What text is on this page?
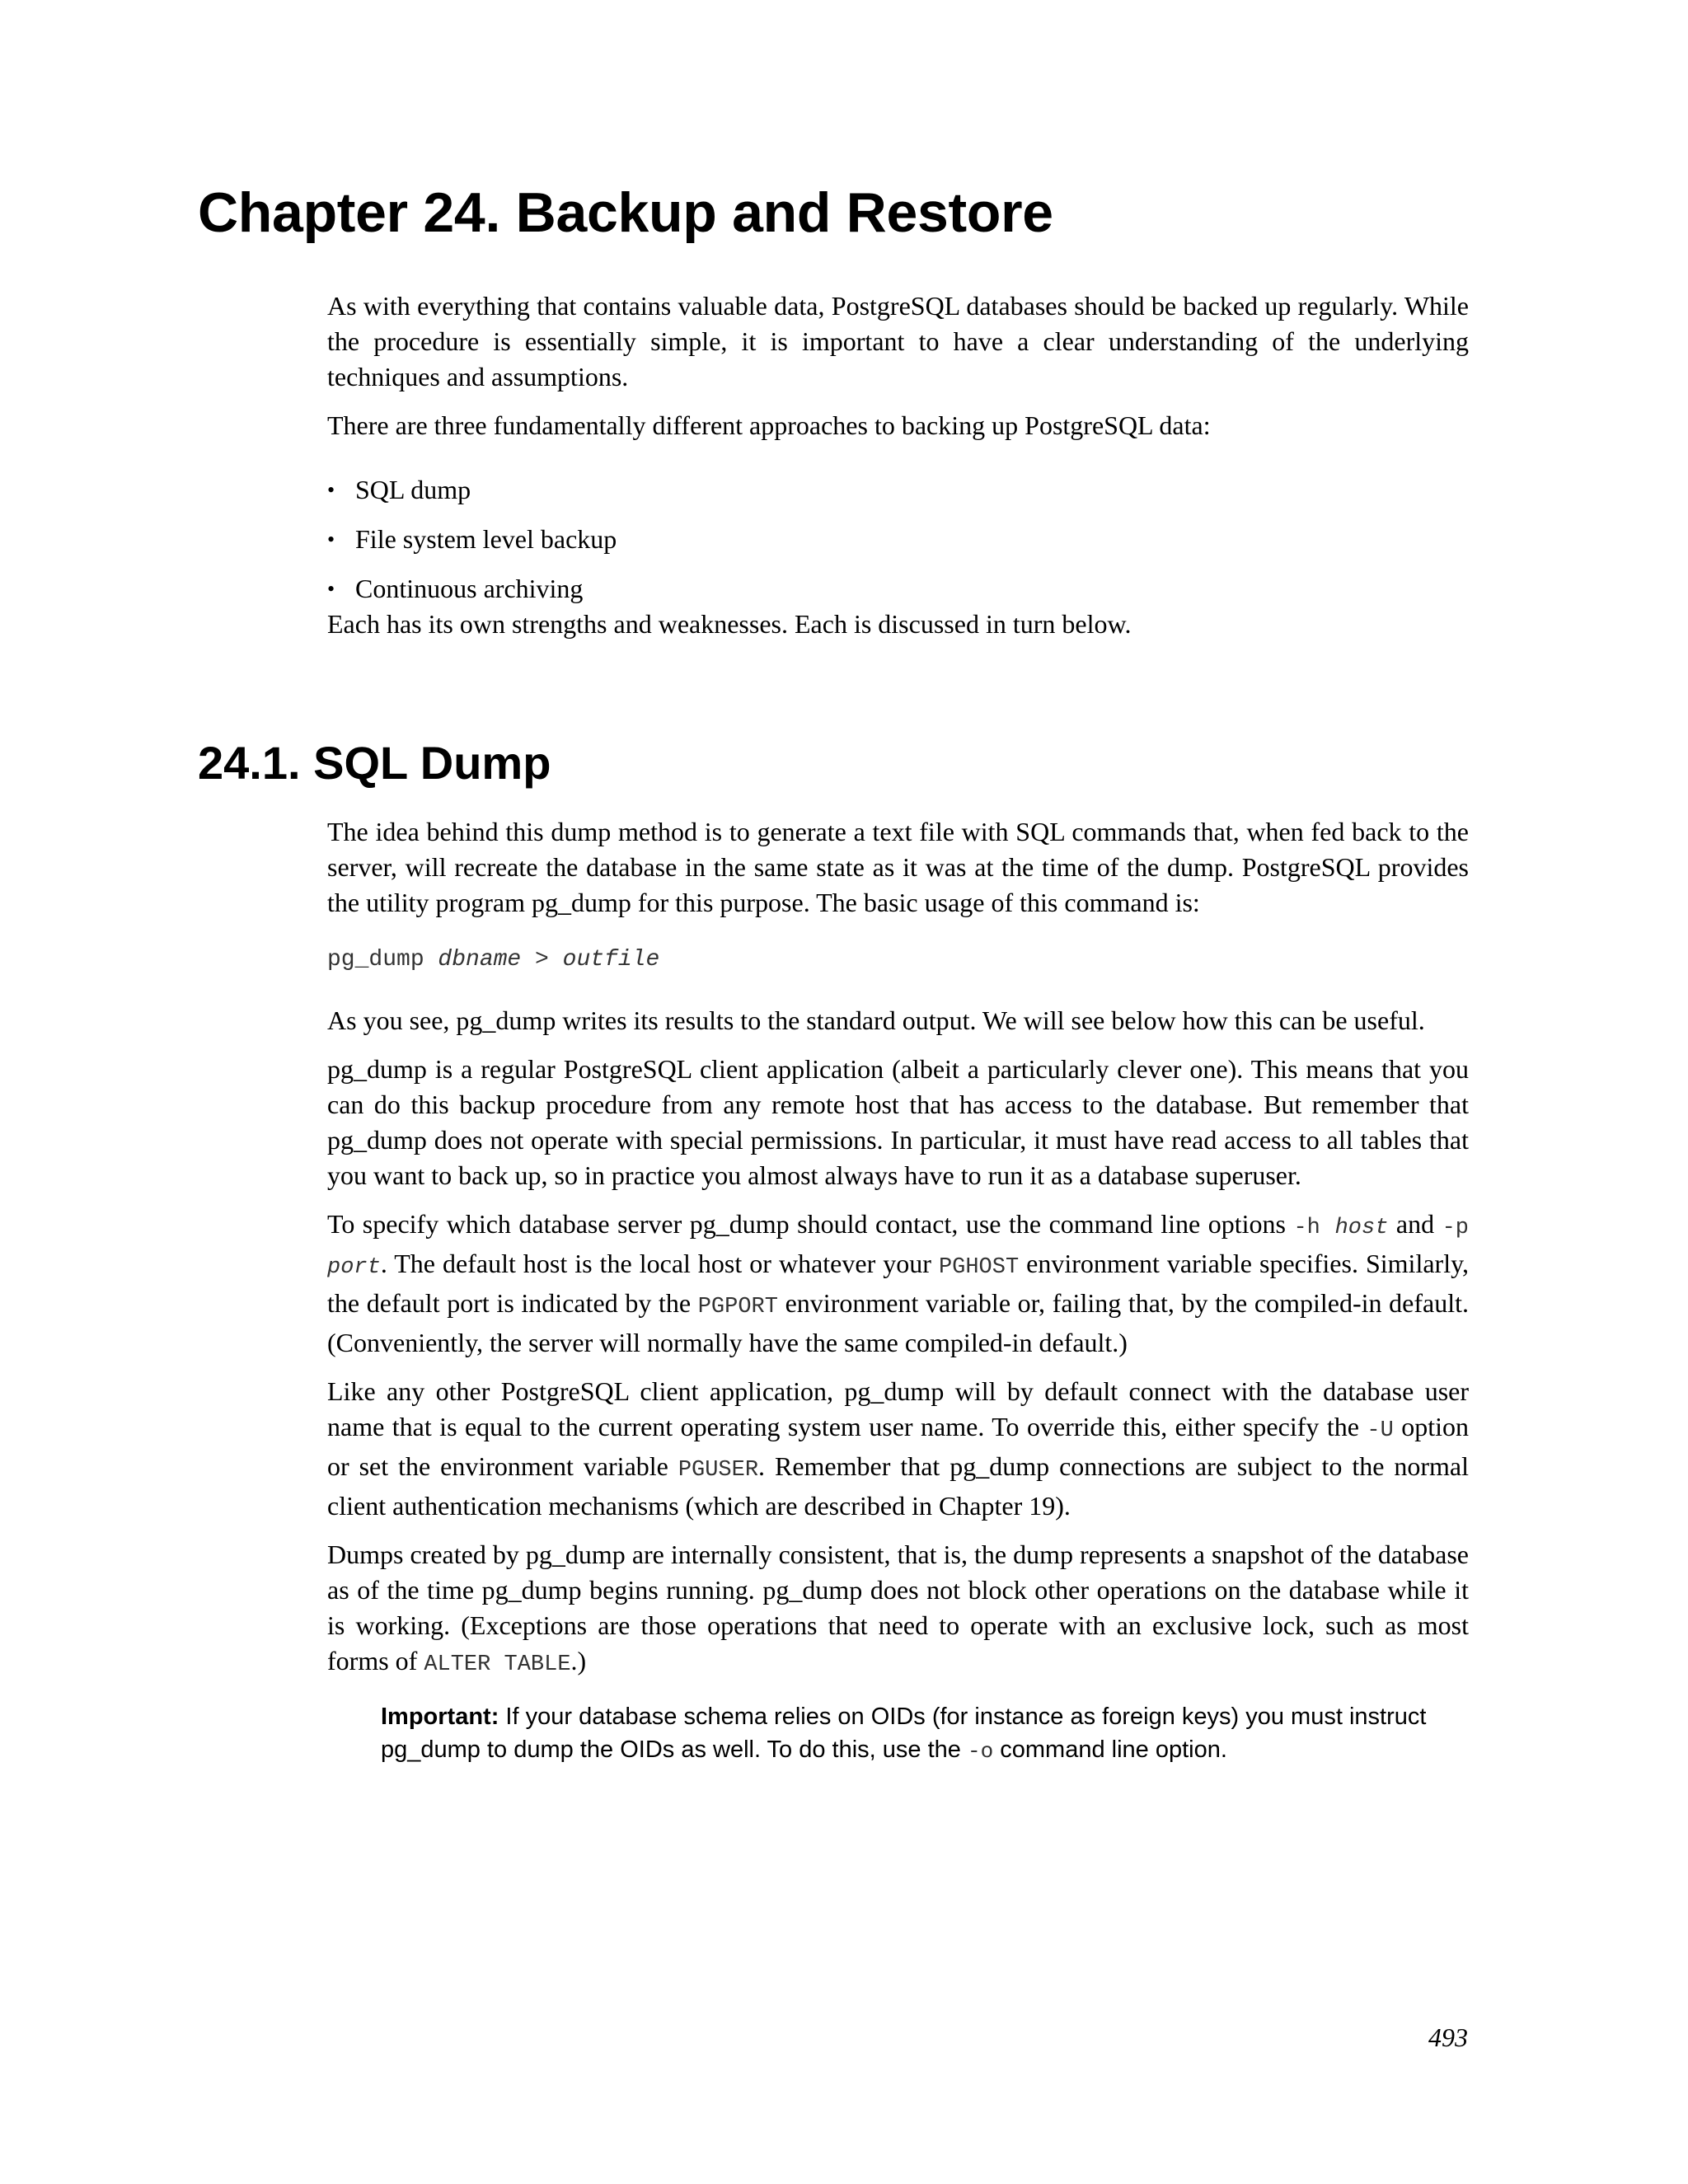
Chapter 24. Backup and Restore

As with everything that contains valuable data, PostgreSQL databases should be backed up regularly. While the procedure is essentially simple, it is important to have a clear understanding of the underlying techniques and assumptions.

There are three fundamentally different approaches to backing up PostgreSQL data:

• SQL dump
• File system level backup
• Continuous archiving

Each has its own strengths and weaknesses. Each is discussed in turn below.

24.1. SQL Dump

The idea behind this dump method is to generate a text file with SQL commands that, when fed back to the server, will recreate the database in the same state as it was at the time of the dump. PostgreSQL provides the utility program pg_dump for this purpose. The basic usage of this command is:

pg_dump dbname > outfile

As you see, pg_dump writes its results to the standard output. We will see below how this can be useful.

pg_dump is a regular PostgreSQL client application (albeit a particularly clever one). This means that you can do this backup procedure from any remote host that has access to the database. But remember that pg_dump does not operate with special permissions. In particular, it must have read access to all tables that you want to back up, so in practice you almost always have to run it as a database superuser.

To specify which database server pg_dump should contact, use the command line options -h host and -p port. The default host is the local host or whatever your PGHOST environment variable specifies. Similarly, the default port is indicated by the PGPORT environment variable or, failing that, by the compiled-in default. (Conveniently, the server will normally have the same compiled-in default.)

Like any other PostgreSQL client application, pg_dump will by default connect with the database user name that is equal to the current operating system user name. To override this, either specify the -U option or set the environment variable PGUSER. Remember that pg_dump connections are subject to the normal client authentication mechanisms (which are described in Chapter 19).

Dumps created by pg_dump are internally consistent, that is, the dump represents a snapshot of the database as of the time pg_dump begins running. pg_dump does not block other operations on the database while it is working. (Exceptions are those operations that need to operate with an exclusive lock, such as most forms of ALTER TABLE.)

Important: If your database schema relies on OIDs (for instance as foreign keys) you must instruct pg_dump to dump the OIDs as well. To do this, use the -o command line option.
493
